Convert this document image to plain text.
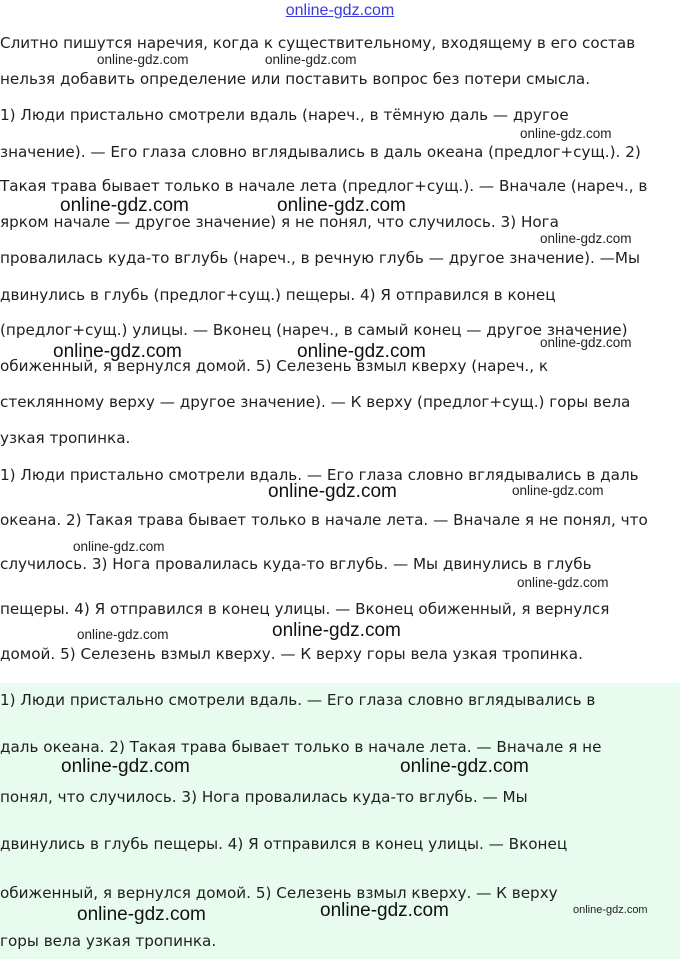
online-gdz.com
Слитно пишутся наречия, когда к существительному, входящему в его состав
нельзя добавить определение или поставить вопрос без потери смысла.
1) Люди пристально смотрели вдаль (нареч., в тёмную даль — другое
значение). — Его глаза словно вглядывались в даль океана (предлог+сущ.). 2)
Такая трава бывает только в начале лета (предлог+сущ.). — Вначале (нареч., в
ярком начале — другое значение) я не понял, что случилось. 3) Нога
провалилась куда-то вглубь (нареч., в речную глубь — другое значение). —Мы
двинулись в глубь (предлог+сущ.) пещеры. 4) Я отправился в конец
(предлог+сущ.) улицы. — Вконец (нареч., в самый конец — другое значение)
обиженный, я вернулся домой. 5) Селезень взмыл кверху (нареч., к
стеклянному верху — другое значение). — К верху (предлог+сущ.) горы вела
узкая тропинка.
1) Люди пристально смотрели вдаль. — Его глаза словно вглядывались в даль
океана. 2) Такая трава бывает только в начале лета. — Вначале я не понял, что
случилось. 3) Нога провалилась куда-то вглубь. — Мы двинулись в глубь
пещеры. 4) Я отправился в конец улицы. — Вконец обиженный, я вернулся
домой. 5) Селезень взмыл кверху. — К верху горы вела узкая тропинка.
1) Люди пристально смотрели вдаль. — Его глаза словно вглядывались в
даль океана. 2) Такая трава бывает только в начале лета. — Вначале я не
понял, что случилось. 3) Нога провалилась куда-то вглубь. — Мы
двинулись в глубь пещеры. 4) Я отправился в конец улицы. — Вконец
обиженный, я вернулся домой. 5) Селезень взмыл кверху. — К верху
горы вела узкая тропинка.
online-gdz.com	online-gdz.com
online-gdz.com
online-gdz.com	online-gdz.com
online-gdz.com
online-gdz.com
online-gdz.com	online-gdz.com
online-gdz.com	online-gdz.com
online-gdz.com
online-gdz.com
online-gdz.com
online-gdz.com
online-gdz.com	online-gdz.com
online-gdz.com	online-gdz.com	online-gdz.com
